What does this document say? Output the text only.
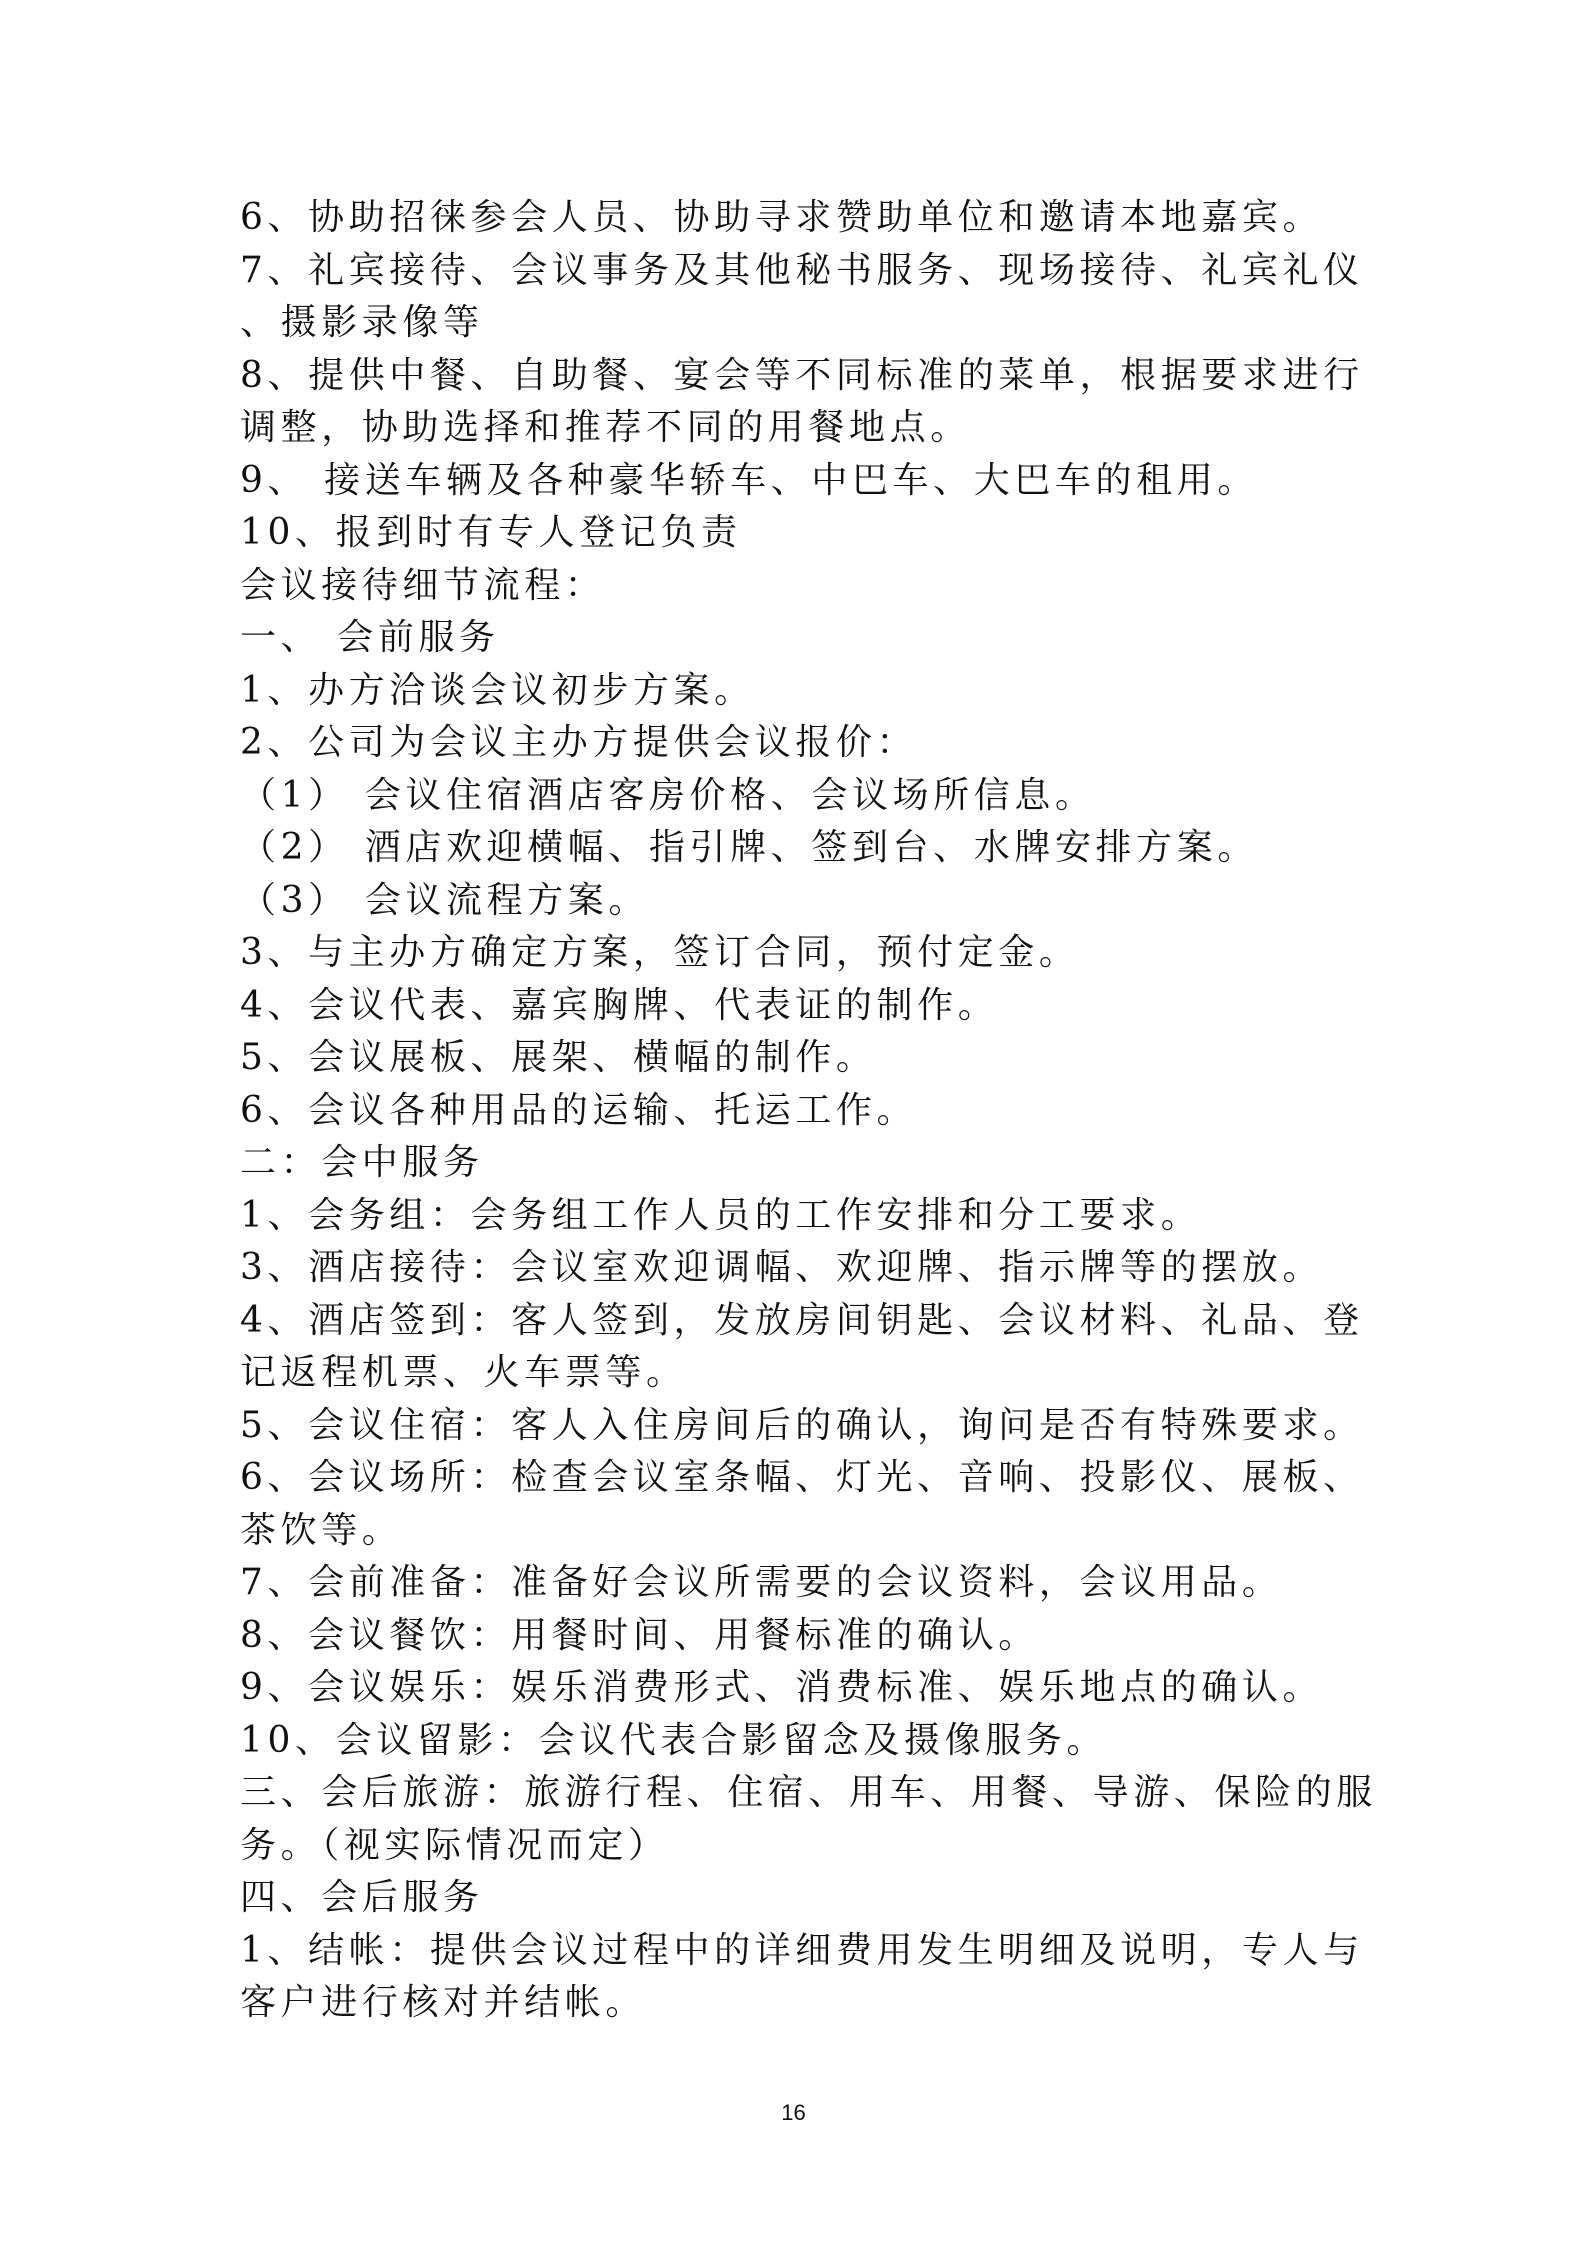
6、协助招徕参会人员、协助寻求赞助单位和邀请本地嘉宾。
7、礼宾接待、会议事务及其他秘书服务、现场接待、礼宾礼仪
、摄影录像等
8、提供中餐、自助餐、宴会等不同标准的菜单，根据要求进行
调整，协助选择和推荐不同的用餐地点。
9、 接送车辆及各种豪华轿车、中巴车、大巴车的租用。
10、报到时有专人登记负责
会议接待细节流程：
一、 会前服务
1、办方洽谈会议初步方案。
2、公司为会议主办方提供会议报价：
（1） 会议住宿酒店客房价格、会议场所信息。
（2） 酒店欢迎横幅、指引牌、签到台、水牌安排方案。
（3） 会议流程方案。
3、与主办方确定方案，签订合同，预付定金。
4、会议代表、嘉宾胸牌、代表证的制作。
5、会议展板、展架、横幅的制作。
6、会议各种用品的运输、托运工作。
二：会中服务
1、会务组：会务组工作人员的工作安排和分工要求。
3、酒店接待：会议室欢迎调幅、欢迎牌、指示牌等的摆放。
4、酒店签到：客人签到，发放房间钥匙、会议材料、礼品、登
记返程机票、火车票等。
5、会议住宿：客人入住房间后的确认，询问是否有特殊要求。
6、会议场所：检查会议室条幅、灯光、音响、投影仪、展板、
茶饮等。
7、会前准备：准备好会议所需要的会议资料，会议用品。
8、会议餐饮：用餐时间、用餐标准的确认。
9、会议娱乐：娱乐消费形式、消费标准、娱乐地点的确认。
10、会议留影：会议代表合影留念及摄像服务。
三、会后旅游：旅游行程、住宿、用车、用餐、导游、保险的服
务。（视实际情况而定）
四、会后服务
1、结帐：提供会议过程中的详细费用发生明细及说明，专人与
客户进行核对并结帐。
16
